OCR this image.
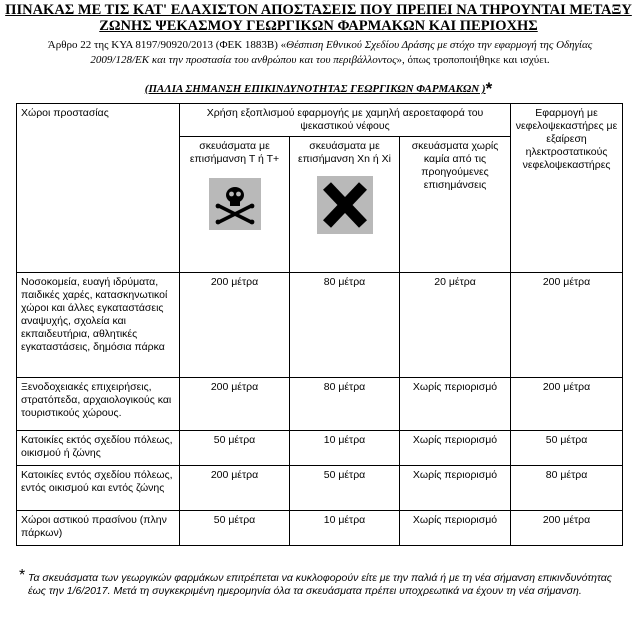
ΠΙΝΑΚΑΣ ΜΕ ΤΙΣ ΚΑΤ' ΕΛΑΧΙΣΤΟΝ ΑΠΟΣΤΑΣΕΙΣ ΠΟΥ ΠΡΕΠΕΙ ΝΑ ΤΗΡΟΥΝΤΑΙ ΜΕΤΑΞΥ
ΖΩΝΗΣ ΨΕΚΑΣΜΟΥ ΓΕΩΡΓΙΚΩΝ ΦΑΡΜΑΚΩΝ ΚΑΙ ΠΕΡΙΟΧΗΣ
Άρθρο 22 της ΚΥΑ 8197/90920/2013 (ΦΕΚ 1883Β) «Θέσπιση Εθνικού Σχεδίου Δράσης με στόχο την εφαρμογή της Οδηγίας 2009/128/ΕΚ και την προστασία του ανθρώπου και του περιβάλλοντος», όπως τροποποιήθηκε και ισχύει.
(ΠΑΛΙΑ ΣΗΜΑΝΣΗ ΕΠΙΚΙΝΔΥΝΟΤΗΤΑΣ ΓΕΩΡΓΙΚΩΝ ΦΑΡΜΑΚΩΝ )*
Χώροι προστασίας	Χρήση εξοπλισμού εφαρμογής με χαμηλή αεροεταφορά του ψεκαστικού νέφους			Εφαρμογή με νεφελοψεκαστήρες με εξαίρεση ηλεκτροστατικούς νεφελοψεκαστήρες

	σκευάσματα με επισήμανση Τ ή Τ+	σκευάσματα με επισήμανση Xn ή Xi	σκευάσματα χωρίς καμία από τις προηγούμενες επισημάνσεις	
Νοσοκομεία, ευαγή ιδρύματα, παιδικές χαρές, κατασκηνωτικοί χώροι και άλλες εγκαταστάσεις αναψυχής, σχολεία και εκπαιδευτήρια, αθλητικές εγκαταστάσεις, δημόσια πάρκα	200 μέτρα	80 μέτρα	20 μέτρα	200 μέτρα
Ξενοδοχειακές επιχειρήσεις, στρατόπεδα, αρχαιολογικούς και τουριστικούς χώρους.	200 μέτρα	80 μέτρα	Χωρίς περιορισμό	200 μέτρα
Κατοικίες εκτός σχεδίου πόλεως, οικισμού ή ζώνης	50 μέτρα	10 μέτρα	Χωρίς περιορισμό	50 μέτρα
Κατοικίες εντός σχεδίου πόλεως, εντός οικισμού και εντός ζώνης	200 μέτρα	50 μέτρα	Χωρίς περιορισμό	80 μέτρα
Χώροι αστικού πρασίνου (πλην πάρκων)	50 μέτρα	10 μέτρα	Χωρίς περιορισμό	200 μέτρα
* Τα σκευάσματα των γεωργικών φαρμάκων επιτρέπεται να κυκλοφορούν είτε με την παλιά ή με τη νέα σήμανση επικινδυνότητας έως την 1/6/2017. Μετά τη συγκεκριμένη ημερομηνία όλα τα σκευάσματα πρέπει υποχρεωτικά να έχουν τη νέα σήμανση.
